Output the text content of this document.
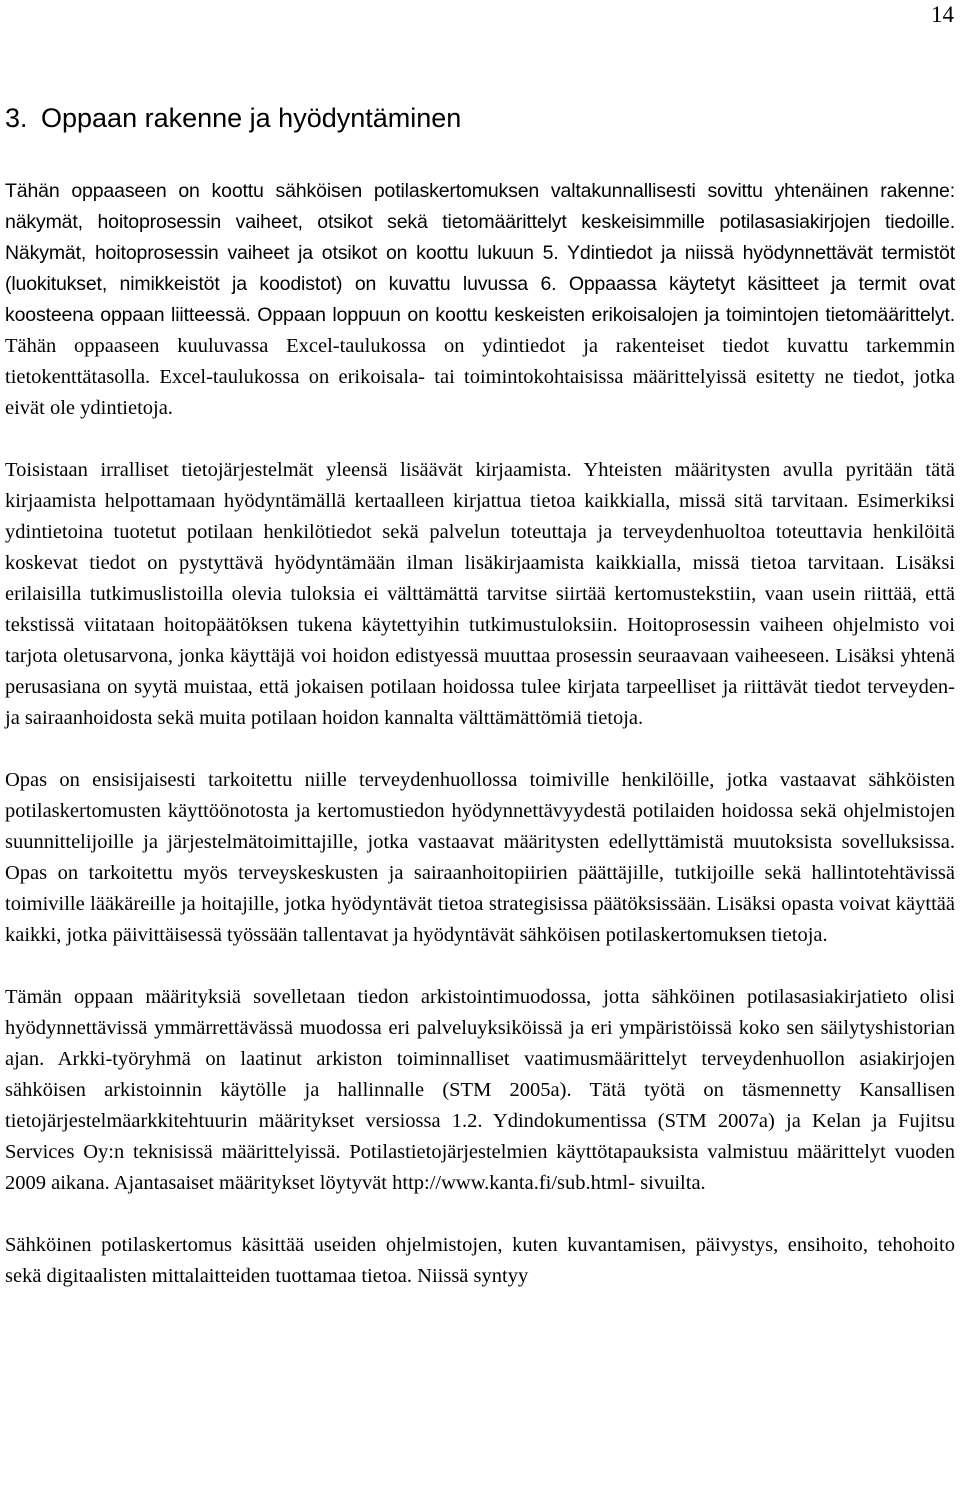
14
3. Oppaan rakenne ja hyödyntäminen

Tähän oppaaseen on koottu sähköisen potilaskertomuksen valtakunnallisesti sovittu yhtenäinen rakenne: näkymät, hoitoprosessin vaiheet, otsikot sekä tietomäärittelyt keskeisimmille potilasasiakirjojen tiedoille. Näkymät, hoitoprosessin vaiheet ja otsikot on koottu lukuun 5. Ydintiedot ja niissä hyödynnettävät termistöt (luokitukset, nimikkeistöt ja koodistot) on kuvattu luvussa 6. Oppaassa käytetyt käsitteet ja termit ovat koosteena oppaan liitteessä. Oppaan loppuun on koottu keskeisten erikoisalojen ja toimintojen tietomäärittelyt. Tähän oppaaseen kuuluvassa Excel-taulukossa on ydintiedot ja rakenteiset tiedot kuvattu tarkemmin tietokenttätasolla. Excel-taulukossa on erikoisala- tai toimintokohtaisissa määrittelyissä esitetty ne tiedot, jotka eivät ole ydintietoja.

Toisistaan irralliset tietojärjestelmät yleensä lisäävät kirjaamista. Yhteisten määritysten avulla pyritään tätä kirjaamista helpottamaan hyödyntämällä kertaalleen kirjattua tietoa kaikkialla, missä sitä tarvitaan. Esimerkiksi ydintietoina tuotetut potilaan henkilötiedot sekä palvelun toteuttaja ja terveydenhuoltoa toteuttavia henkilöitä koskevat tiedot on pystyttävä hyödyntämään ilman lisäkirjaamista kaikkialla, missä tietoa tarvitaan. Lisäksi erilaisilla tutkimuslistoilla olevia tuloksia ei välttämättä tarvitse siirtää kertomustekstiin, vaan usein riittää, että tekstissä viitataan hoitopäätöksen tukena käytettyihin tutkimustuloksiin. Hoitoprosessin vaiheen ohjelmisto voi tarjota oletusarvona, jonka käyttäjä voi hoidon edistyessä muuttaa prosessin seuraavaan vaiheeseen. Lisäksi yhtenä perusasiana on syytä muistaa, että jokaisen potilaan hoidossa tulee kirjata tarpeelliset ja riittävät tiedot terveyden- ja sairaanhoidosta sekä muita potilaan hoidon kannalta välttämättömiä tietoja.

Opas on ensisijaisesti tarkoitettu niille terveydenhuollossa toimiville henkilöille, jotka vastaavat sähköisten potilaskertomusten käyttöönotosta ja kertomustiedon hyödynnettävyydestä potilaiden hoidossa sekä ohjelmistojen suunnittelijoille ja järjestelmätoimittajille, jotka vastaavat määritysten edellyttämistä muutoksista sovelluksissa. Opas on tarkoitettu myös terveyskeskusten ja sairaanhoitopiirien päättäjille, tutkijoille sekä hallintotehtävissä toimiville lääkäreille ja hoitajille, jotka hyödyntävät tietoa strategisissa päätöksissään. Lisäksi opasta voivat käyttää kaikki, jotka päivittäisessä työssään tallentavat ja hyödyntävät sähköisen potilaskertomuksen tietoja.

Tämän oppaan määrityksiä sovelletaan tiedon arkistointimuodossa, jotta sähköinen potilasasiakirjatieto olisi hyödynnettävissä ymmärrettävässä muodossa eri palveluyksiköissä ja eri ympäristöissä koko sen säilytyshistorian ajan. Arkki-työryhmä on laatinut arkiston toiminnalliset vaatimusmäärittelyt terveydenhuollon asiakirjojen sähköisen arkistoinnin käytölle ja hallinnalle (STM 2005a). Tätä työtä on täsmennetty Kansallisen tietojärjestelmäarkkitehtuurin määritykset versiossa 1.2. Ydindokumentissa (STM 2007a) ja Kelan ja Fujitsu Services Oy:n teknisissä määrittelyissä. Potilastietojärjestelmien käyttötapauksista valmistuu määrittelyt vuoden 2009 aikana. Ajantasaiset määritykset löytyvät http://www.kanta.fi/sub.html- sivuilta.

Sähköinen potilaskertomus käsittää useiden ohjelmistojen, kuten kuvantamisen, päivystys, ensihoito, tehohoito sekä digitaalisten mittalaitteiden tuottamaa tietoa. Niissä syntyy
